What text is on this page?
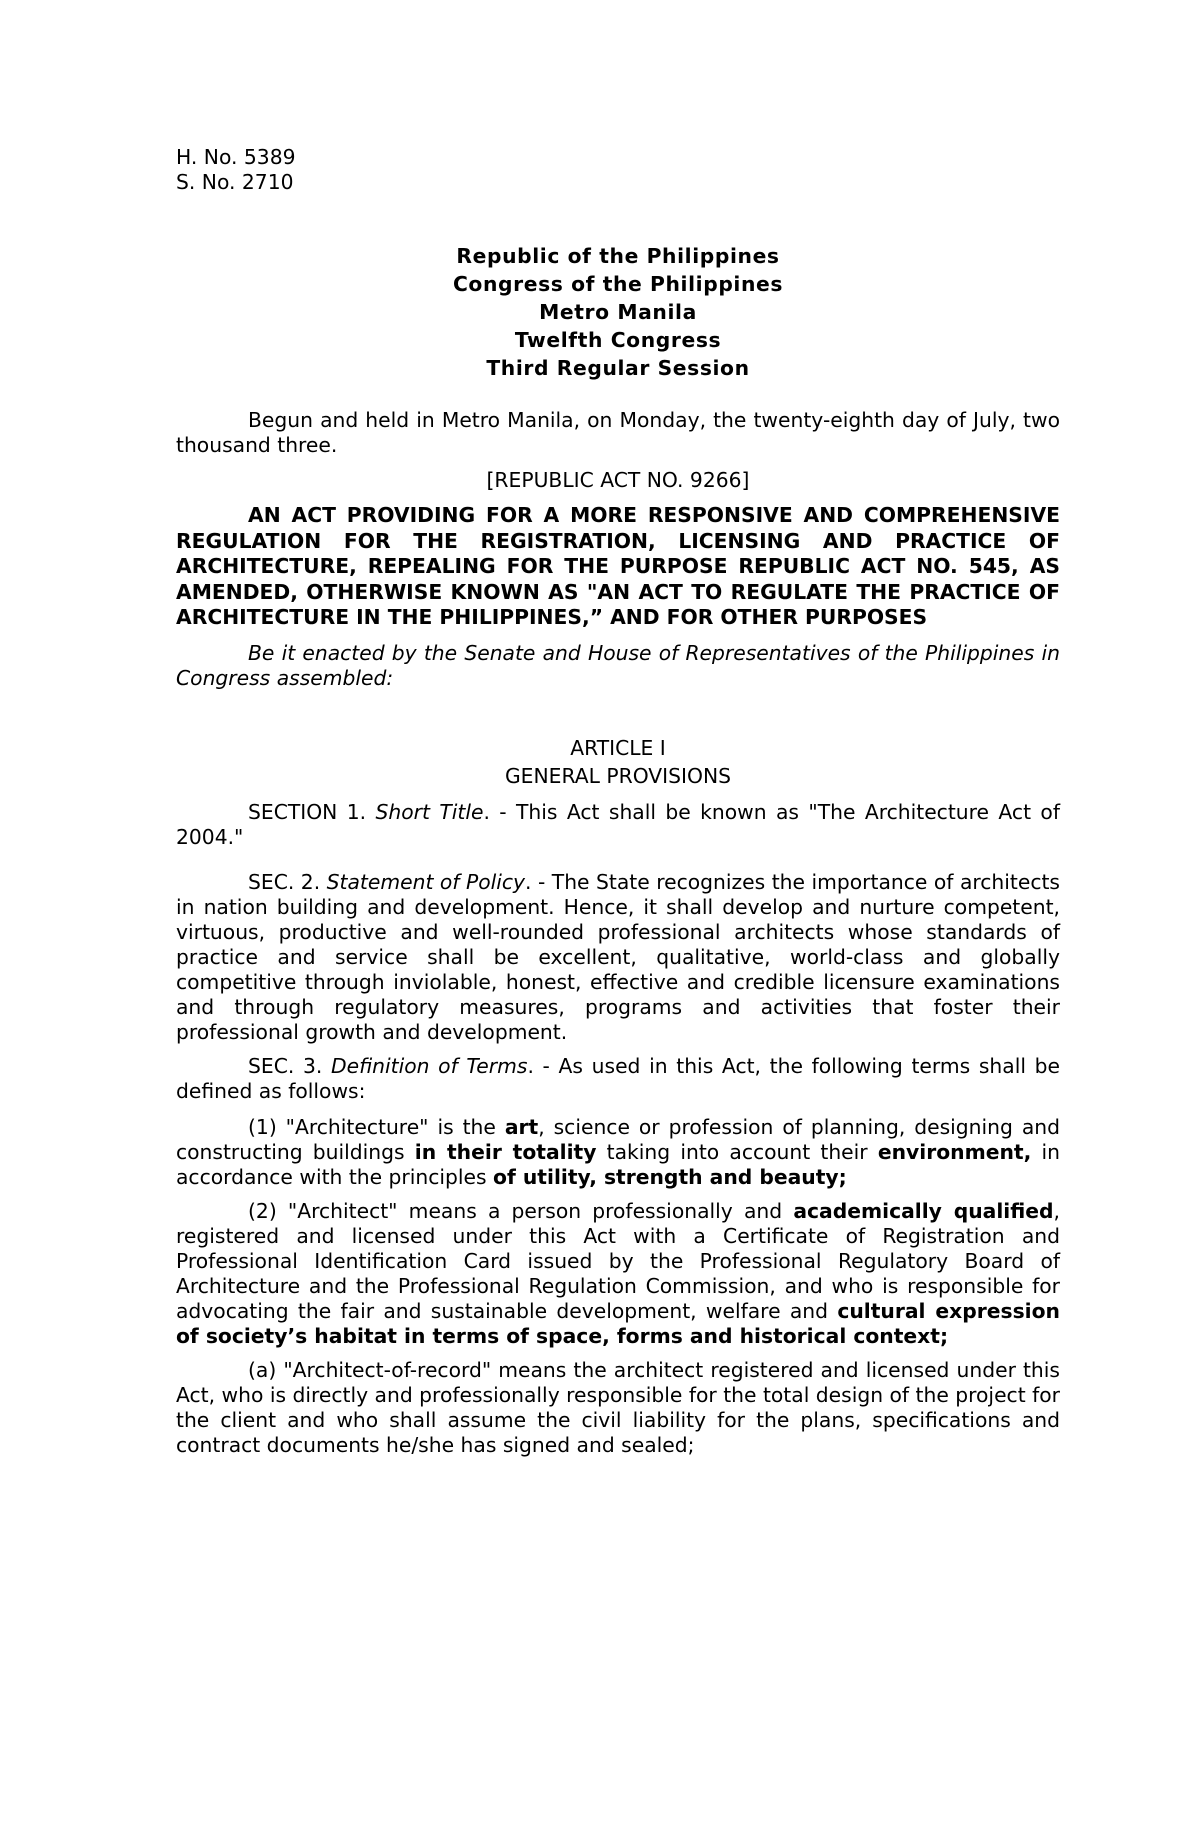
H. No. 5389

S. No. 2710

Republic of the Philippines

Congress of the Philippines

Metro Manila

Twelfth Congress

Third Regular Session

Begun and held in Metro Manila, on Monday, the twenty-eighth day of July, two thousand three.

[REPUBLIC ACT NO. 9266]

AN ACT PROVIDING FOR A MORE RESPONSIVE AND COMPREHENSIVE REGULATION FOR THE REGISTRATION, LICENSING AND PRACTICE OF ARCHITECTURE, REPEALING FOR THE PURPOSE REPUBLIC ACT NO. 545, AS AMENDED, OTHERWISE KNOWN AS "AN ACT TO REGULATE THE PRACTICE OF ARCHITECTURE IN THE PHILIPPINES,” AND FOR OTHER PURPOSES

Be it enacted by the Senate and House of Representatives of the Philippines in Congress assembled:

ARTICLE I

GENERAL PROVISIONS

SECTION 1. Short Title. - This Act shall be known as "The Architecture Act of 2004."

SEC. 2. Statement of Policy. - The State recognizes the importance of architects in nation building and development. Hence, it shall develop and nurture competent, virtuous, productive and well-rounded professional architects whose standards of practice and service shall be excellent, qualitative, world-class and globally competitive through inviolable, honest, effective and credible licensure examinations and through regulatory measures, programs and activities that foster their professional growth and development.

SEC. 3. Definition of Terms. - As used in this Act, the following terms shall be defined as follows:

(1) "Architecture" is the art, science or profession of planning, designing and constructing buildings in their totality taking into account their environment, in accordance with the principles of utility, strength and beauty;

(2) "Architect" means a person professionally and academically qualified, registered and licensed under this Act with a Certificate of Registration and Professional Identification Card issued by the Professional Regulatory Board of Architecture and the Professional Regulation Commission, and who is responsible for advocating the fair and sustainable development, welfare and cultural expression of society’s habitat in terms of space, forms and historical context;

(a) "Architect-of-record" means the architect registered and licensed under this Act, who is directly and professionally responsible for the total design of the project for the client and who shall assume the civil liability for the plans, specifications and contract documents he/she has signed and sealed;
